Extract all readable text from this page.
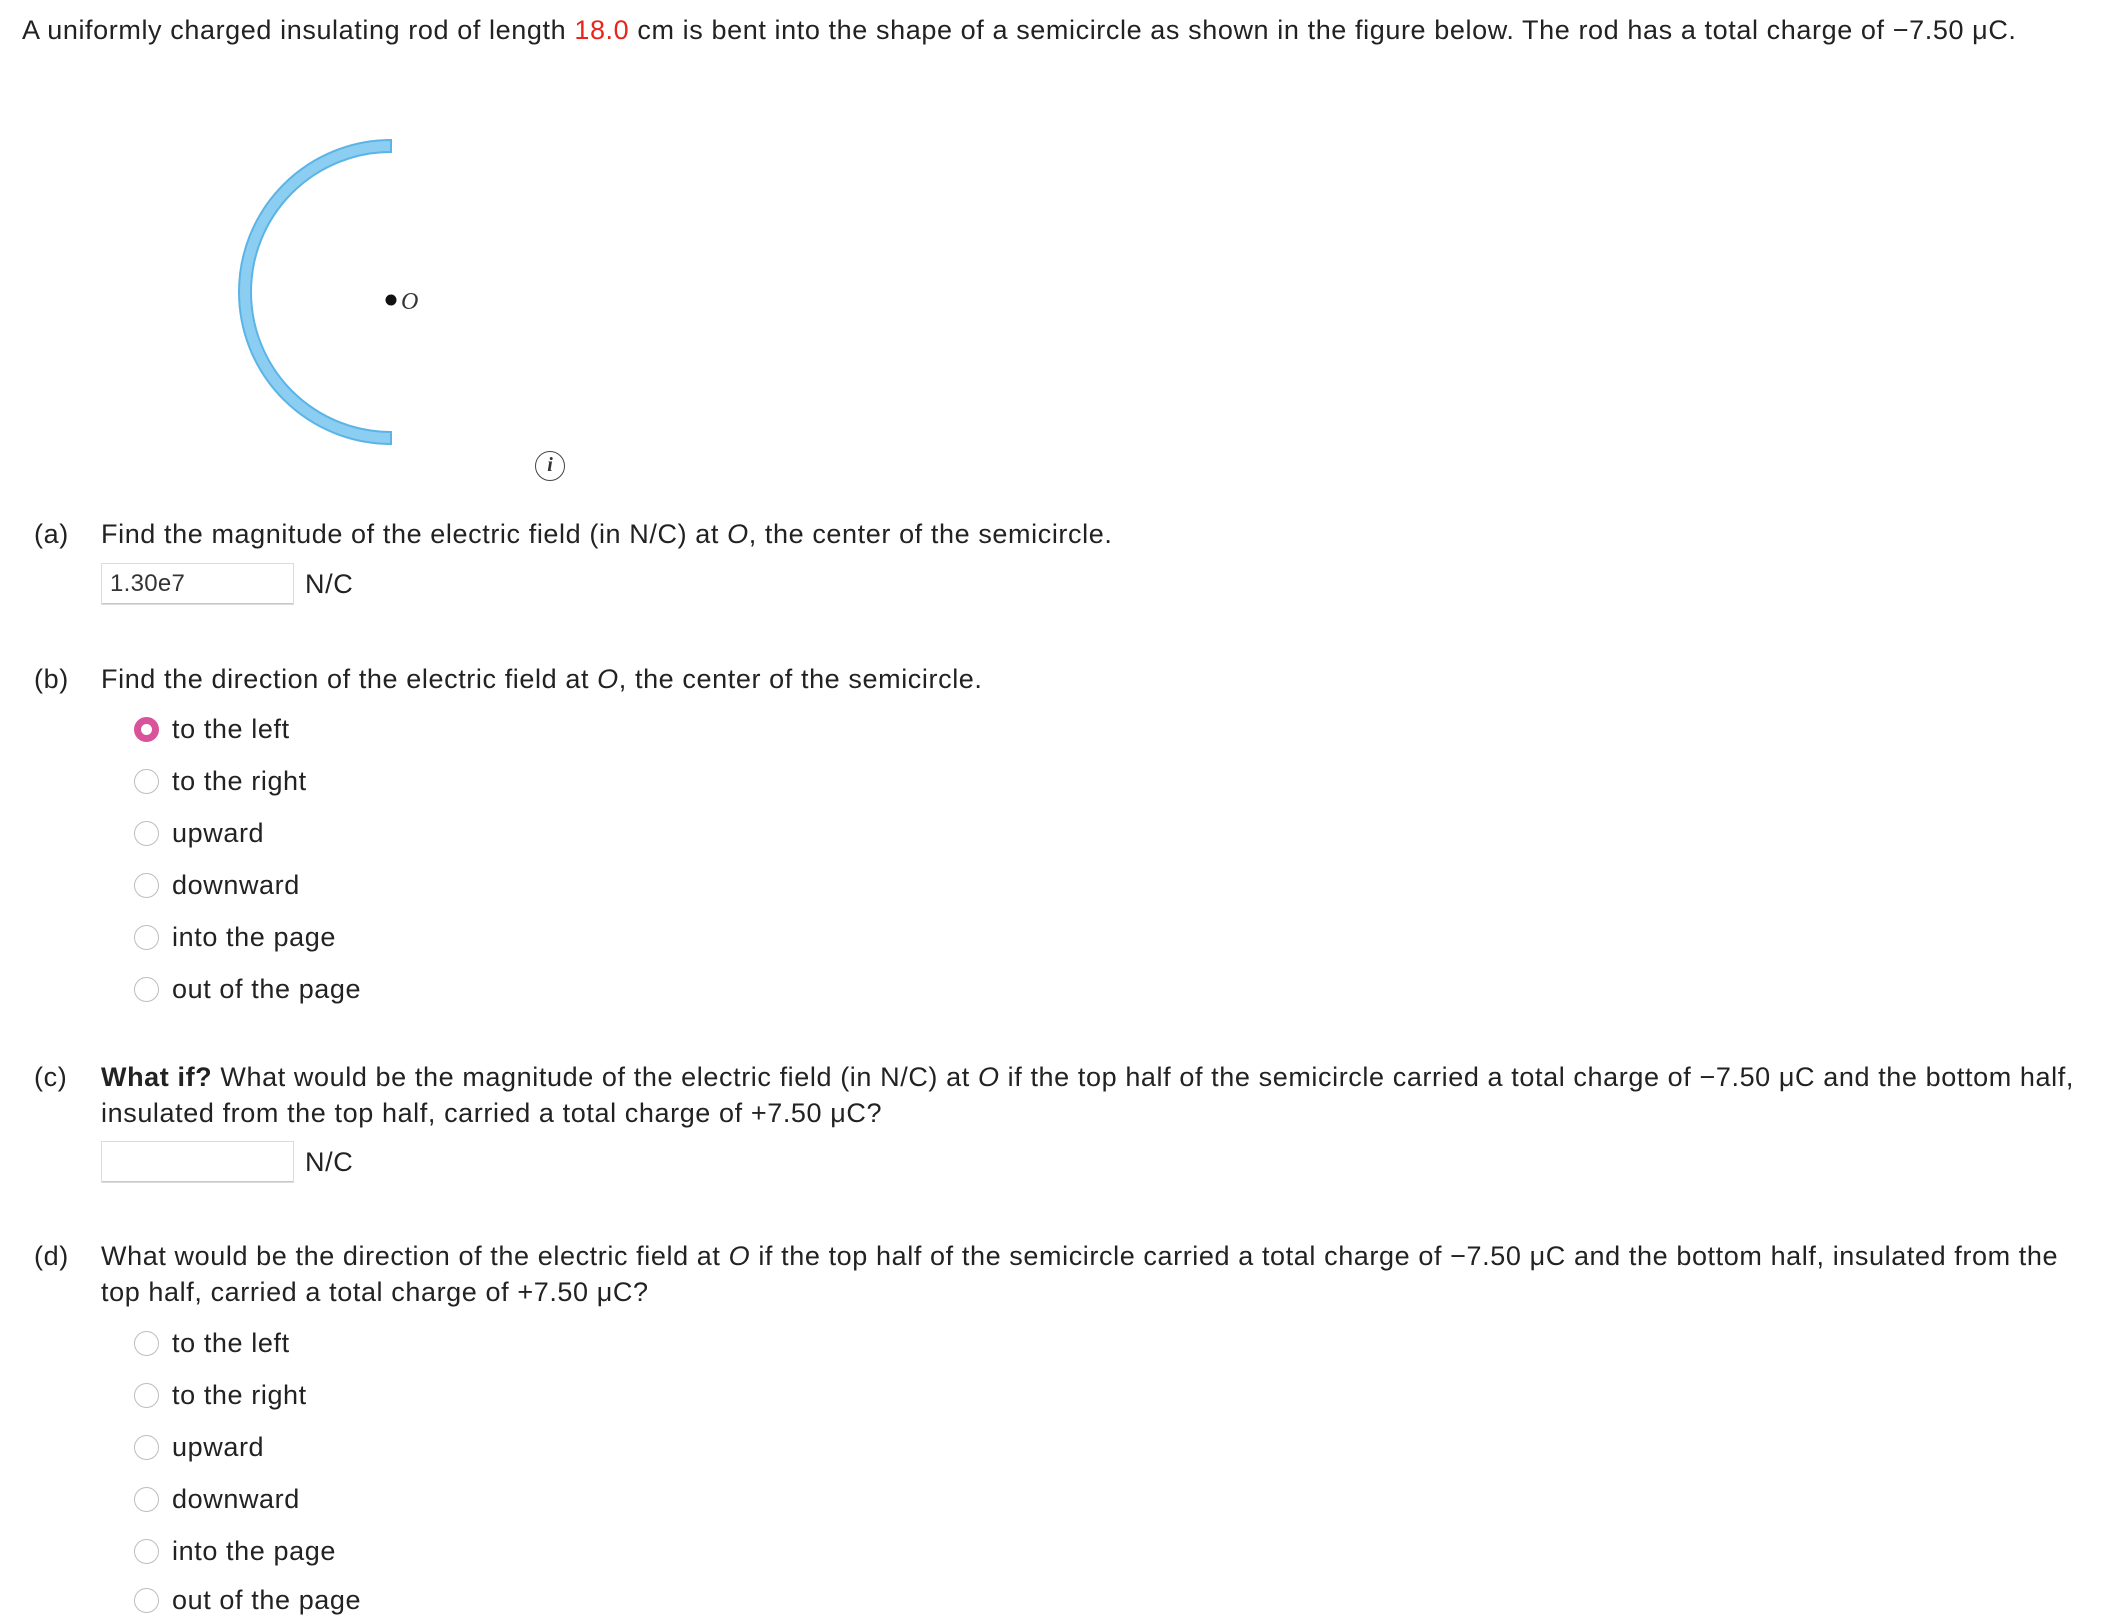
A uniformly charged insulating rod of length 18.0 cm is bent into the shape of a semicircle as shown in the figure below. The rod has a total charge of −7.50 μC.

O
i
(a) Find the magnitude of the electric field (in N/C) at O, the center of the semicircle.
1.30e7
N/C
(b) Find the direction of the electric field at O, the center of the semicircle.
to the left
to the right
upward
downward
into the page
out of the page
(c) What if? What would be the magnitude of the electric field (in N/C) at O if the top half of the semicircle carried a total charge of −7.50 μC and the bottom half, insulated from the top half, carried a total charge of +7.50 μC?
N/C
(d) What would be the direction of the electric field at O if the top half of the semicircle carried a total charge of −7.50 μC and the bottom half, insulated from the top half, carried a total charge of +7.50 μC?
to the left
to the right
upward
downward
into the page
out of the page
